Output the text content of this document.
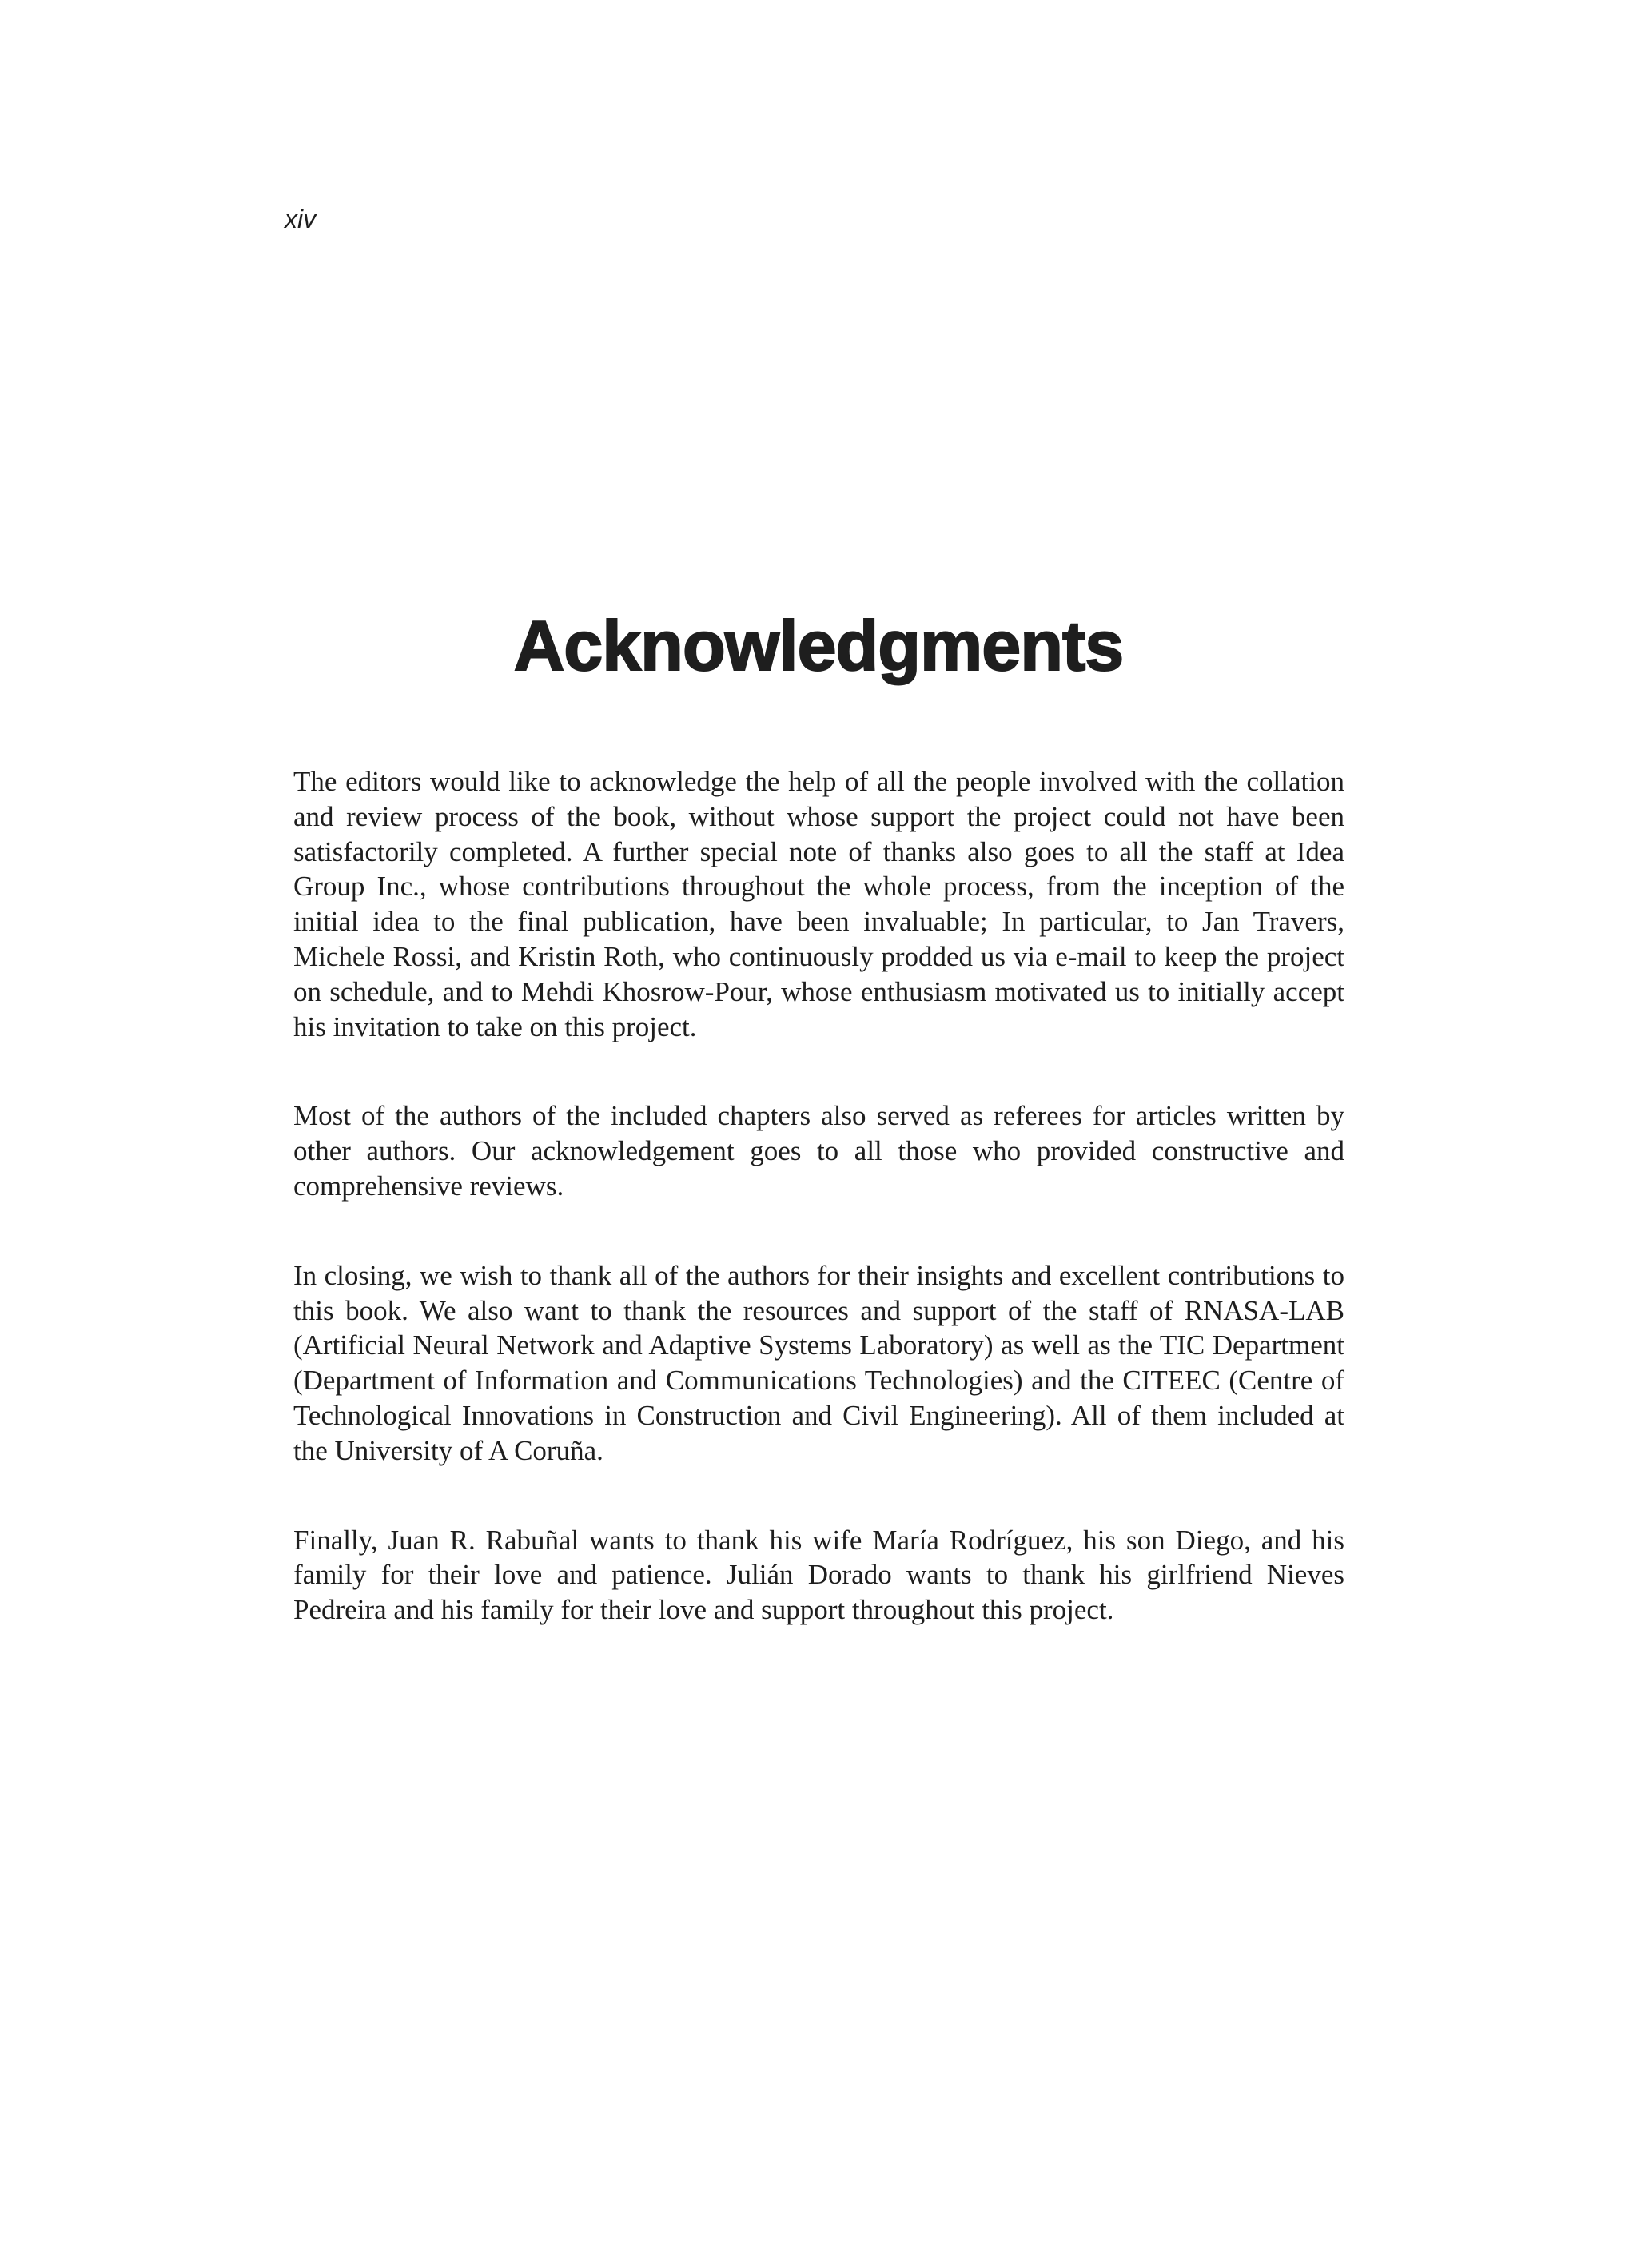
xiv
Acknowledgments

The editors would like to acknowledge the help of all the people involved with the collation and review process of the book, without whose support the project could not have been satisfactorily completed. A further special note of thanks also goes to all the staff at Idea Group Inc., whose contributions throughout the whole process, from the inception of the initial idea to the final publication, have been invaluable; In particular, to Jan Travers, Michele Rossi, and Kristin Roth, who continuously prodded us via e-mail to keep the project on schedule, and to Mehdi Khosrow-Pour, whose enthusiasm motivated us to initially accept his invitation to take on this project.

Most of the authors of the included chapters also served as referees for articles written by other authors. Our acknowledgement goes to all those who provided constructive and comprehensive reviews.

In closing, we wish to thank all of the authors for their insights and excellent contributions to this book. We also want to thank the resources and support of the staff of RNASA-LAB (Artificial Neural Network and Adaptive Systems Laboratory) as well as the TIC Department (Department of Information and Communications Technologies) and the CITEEC (Centre of Technological Innovations in Construction and Civil Engineering). All of them included at the University of A Coruña.

Finally, Juan R. Rabuñal wants to thank his wife María Rodríguez, his son Diego, and his family for their love and patience. Julián Dorado wants to thank his girlfriend Nieves Pedreira and his family for their love and support throughout this project.
